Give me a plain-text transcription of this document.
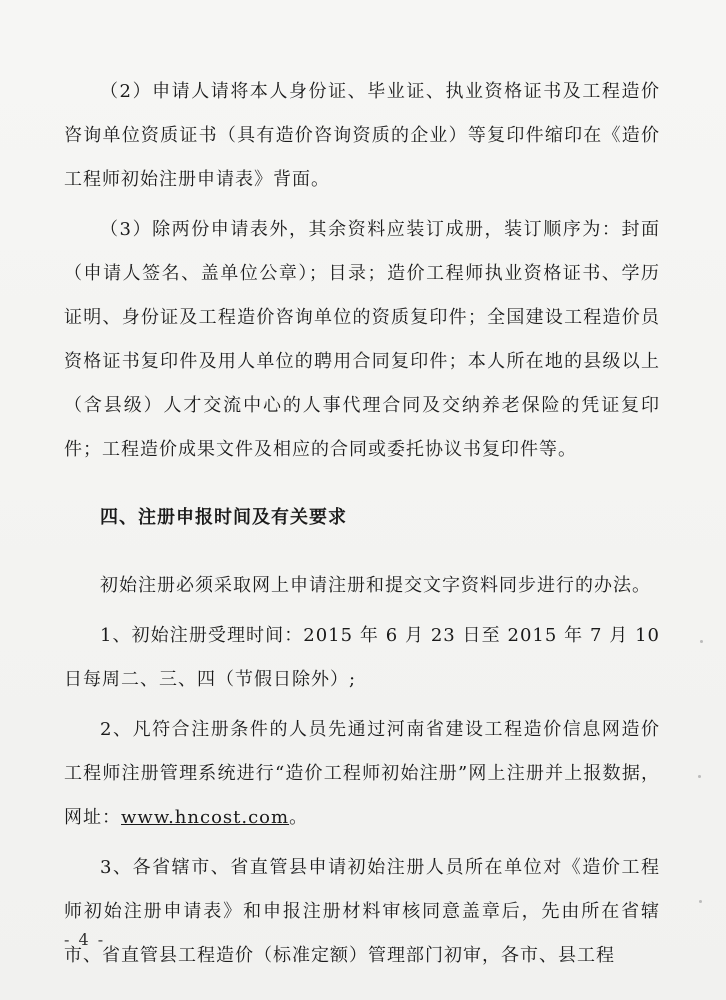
（2）申请人请将本人身份证、毕业证、执业资格证书及工程造价咨询单位资质证书（具有造价咨询资质的企业）等复印件缩印在《造价工程师初始注册申请表》背面。

（3）除两份申请表外，其余资料应装订成册，装订顺序为：封面（申请人签名、盖单位公章）；目录；造价工程师执业资格证书、学历证明、身份证及工程造价咨询单位的资质复印件；全国建设工程造价员资格证书复印件及用人单位的聘用合同复印件；本人所在地的县级以上（含县级）人才交流中心的人事代理合同及交纳养老保险的凭证复印件；工程造价成果文件及相应的合同或委托协议书复印件等。

四、注册申报时间及有关要求

初始注册必须采取网上申请注册和提交文字资料同步进行的办法。

1、初始注册受理时间：2015 年 6 月 23 日至 2015 年 7 月 10 日每周二、三、四（节假日除外）;

2、凡符合注册条件的人员先通过河南省建设工程造价信息网造价工程师注册管理系统进行“造价工程师初始注册”网上注册并上报数据，网址：www.hncost.com。

3、各省辖市、省直管县申请初始注册人员所在单位对《造价工程师初始注册申请表》和申报注册材料审核同意盖章后，先由所在省辖市、省直管县工程造价（标准定额）管理部门初审，各市、县工程

- 4 -
